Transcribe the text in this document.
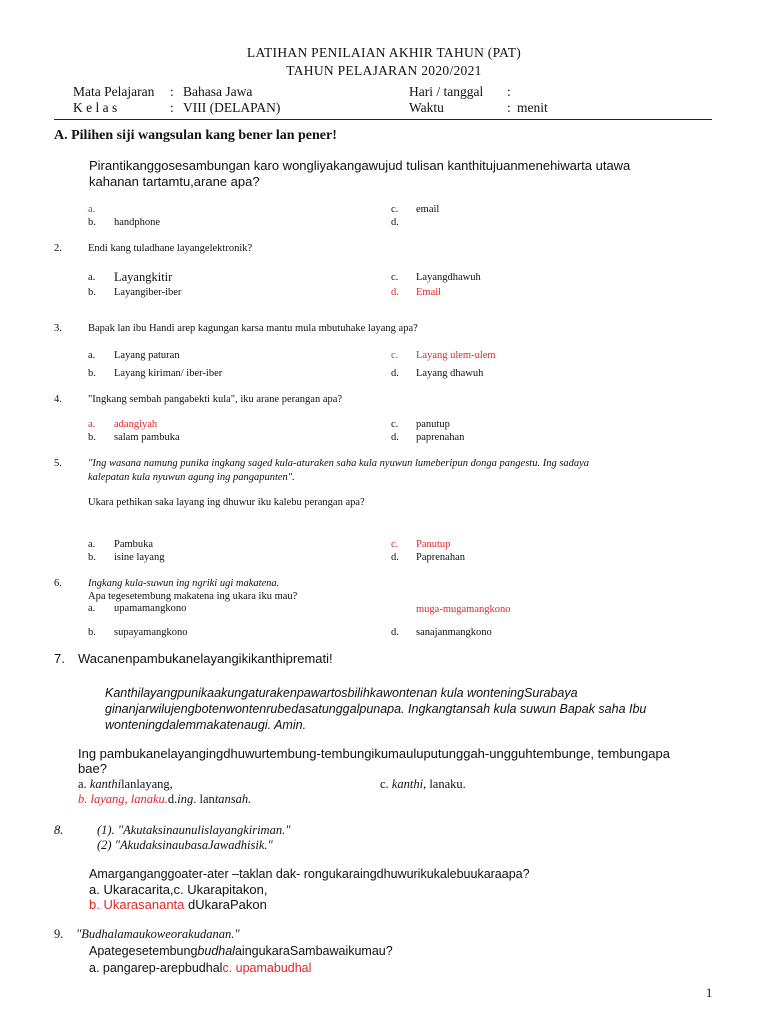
LATIHAN PENILAIAN AKHIR TAHUN (PAT)
TAHUN PELAJARAN 2020/2021
Mata Pelajaran : Bahasa Jawa	Hari / tanggal :
K e l a s	: VIII (DELAPAN)	Waktu	: menit
A. Pilihen siji wangsulan kang bener lan pener!
Pirantikanggosesambungan karo wongliyakangawujud tulisan kanthitujuanmenehiwarta utawa
kahanan tartamtu,arane apa?
a.
b. handphone
c. email
d.
2. Endi kang tuladhane layangelektronik?
a. Layangkitir
b. Layangiber-iber
c. Layangdhawuh
d. Email
3. Bapak lan ibu Handi arep kagungan karsa mantu mula mbutuhake layang apa?
a. Layang paturan
b. Layang kiriman/ iber-iber
c. Layang ulem-ulem
d. Layang dhawuh
4. "Ingkang sembah pangabekti kula", iku arane perangan apa?
a. adangiyah
b. salam pambuka
c. panutup
d. paprenahan
5. "Ing wasana namung punika ingkang saged kula-aturaken saha kula nyuwun lumeberipun donga pangestu. Ing sadaya
kalepatan kula nyuwun agung ing pangapunten".
Ukara pethikan saka layang ing dhuwur iku kalebu perangan apa?
a. Pambuka
b. isine layang
c. Panutup
d. Paprenahan
6. Ingkang kula-suwun ing ngriki ugi makatena.
Apa tegesetembung makatena ing ukara iku mau?
a. upamamangkono	muga-mugamangkono
b. supayamangkono	d. sanajanmangkono
7. Wacanenpambukanelayangikikanthipremati!
Kanthilayangpunikaakungaturakenpawartosbilihkawontenan kula wonteningSurabaya
ginanjarwilujengbotenwontenrubedasatunggalpunapa. Ingkangtansah kula suwun Bapak saha Ibu
wonteningdalemmakatenaugi. Amin.
Ing pambukanelayangingdhuwurtembung-tembungikumauluputunggah-ungguhtembunge, tembungapa
bae?
a. kanthilanlayang,	c. kanthi, lanaku.
b. layang, lanaku.d.ing. lantansah.
8.	(1). "Akutaksinaunulislayangkiriman."
(2) "AkudaksinaubasaJawadhisik."
Amarganganggoater-ater –taklan dak- rongukaraingdhuwurikukalebuukaraapa?
a. Ukaracarita,c. Ukarapitakon,
b. Ukarasananta dUkaraPakon
9. "Budhalamaukoweorakudanan."
ApategesetembungbudhalaingukaraSambawaikumau?
a. pangarep-arepbudhalc. upamabudhal
1
